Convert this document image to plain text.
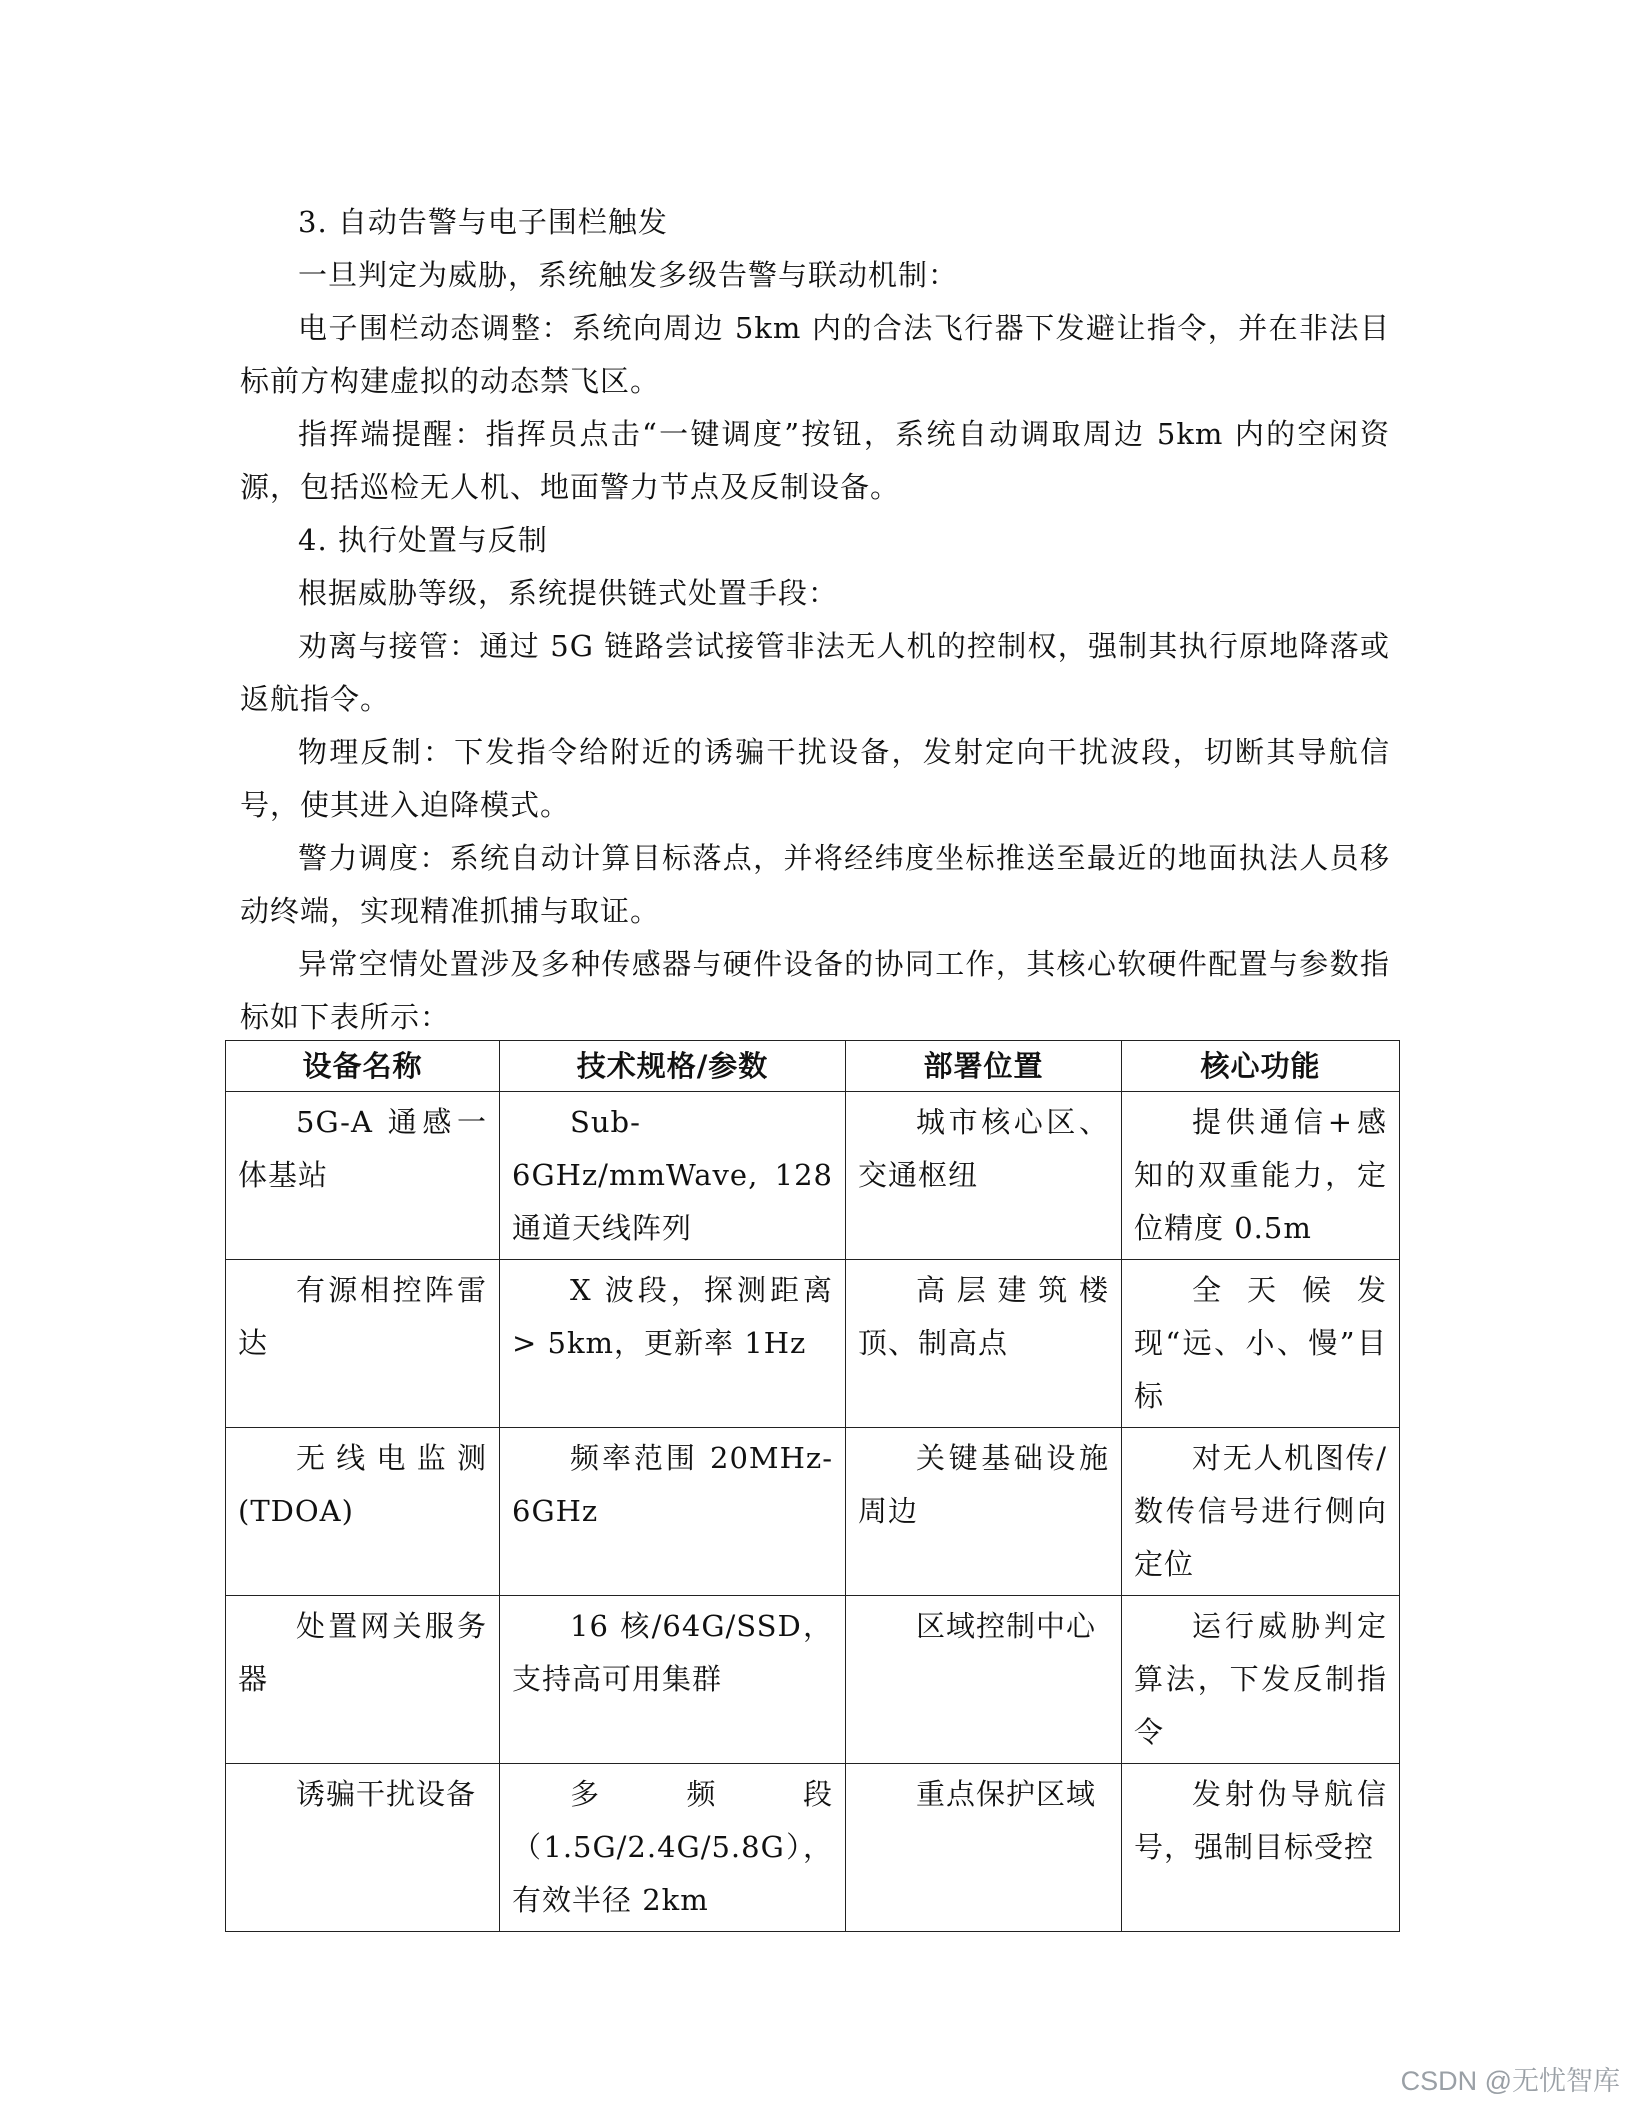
3. 自动告警与电子围栏触发

一旦判定为威胁，系统触发多级告警与联动机制：

电子围栏动态调整：系统向周边 5km 内的合法飞行器下发避让指令，并在非法目标前方构建虚拟的动态禁飞区。

指挥端提醒：指挥员点击“一键调度”按钮，系统自动调取周边 5km 内的空闲资源，包括巡检无人机、地面警力节点及反制设备。

4. 执行处置与反制

根据威胁等级，系统提供链式处置手段：

劝离与接管：通过 5G 链路尝试接管非法无人机的控制权，强制其执行原地降落或返航指令。

物理反制：下发指令给附近的诱骗干扰设备，发射定向干扰波段，切断其导航信号，使其进入迫降模式。

警力调度：系统自动计算目标落点，并将经纬度坐标推送至最近的地面执法人员移动终端，实现精准抓捕与取证。

异常空情处置涉及多种传感器与硬件设备的协同工作，其核心软硬件配置与参数指标如下表所示：

设备名称	技术规格/参数	部署位置	核心功能
5G-A 通感一体基站	Sub-6GHz/mmWave, 128 通道天线阵列	城市核心区、交通枢纽	提供通信+感知的双重能力，定位精度 0.5m
有源相控阵雷达	X 波段，探测距离 > 5km，更新率 1Hz	高层建筑楼顶、制高点	全天候发现“远、小、慢”目标
无线电监测 (TDOA)	频率范围 20MHz-6GHz	关键基础设施周边	对无人机图传/数传信号进行侧向定位
处置网关服务器	16 核/64G/SSD，支持高可用集群	区域控制中心	运行威胁判定算法，下发反制指令
诱骗干扰设备	多频段（1.5G/2.4G/5.8G），有效半径 2km	重点保护区域	发射伪导航信号，强制目标受控
CSDN @无忧智库
